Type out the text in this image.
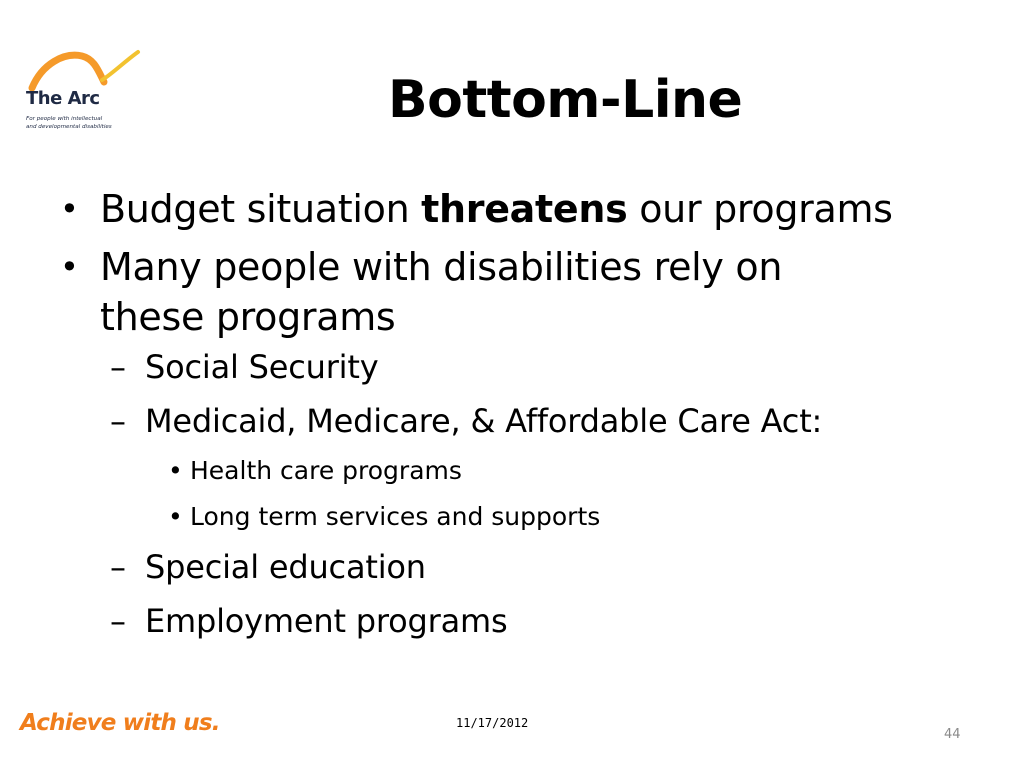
The Arc
For people with intellectual
and developmental disabilities	Bottom-Line
• Budget situation threatens our programs
• Many people with disabilities rely on
these programs
– Social Security
– Medicaid, Medicare, & Affordable Care Act:
• Health care programs
• Long term services and supports
– Special education
– Employment programs
Achieve with us.	11/17/2012
44
